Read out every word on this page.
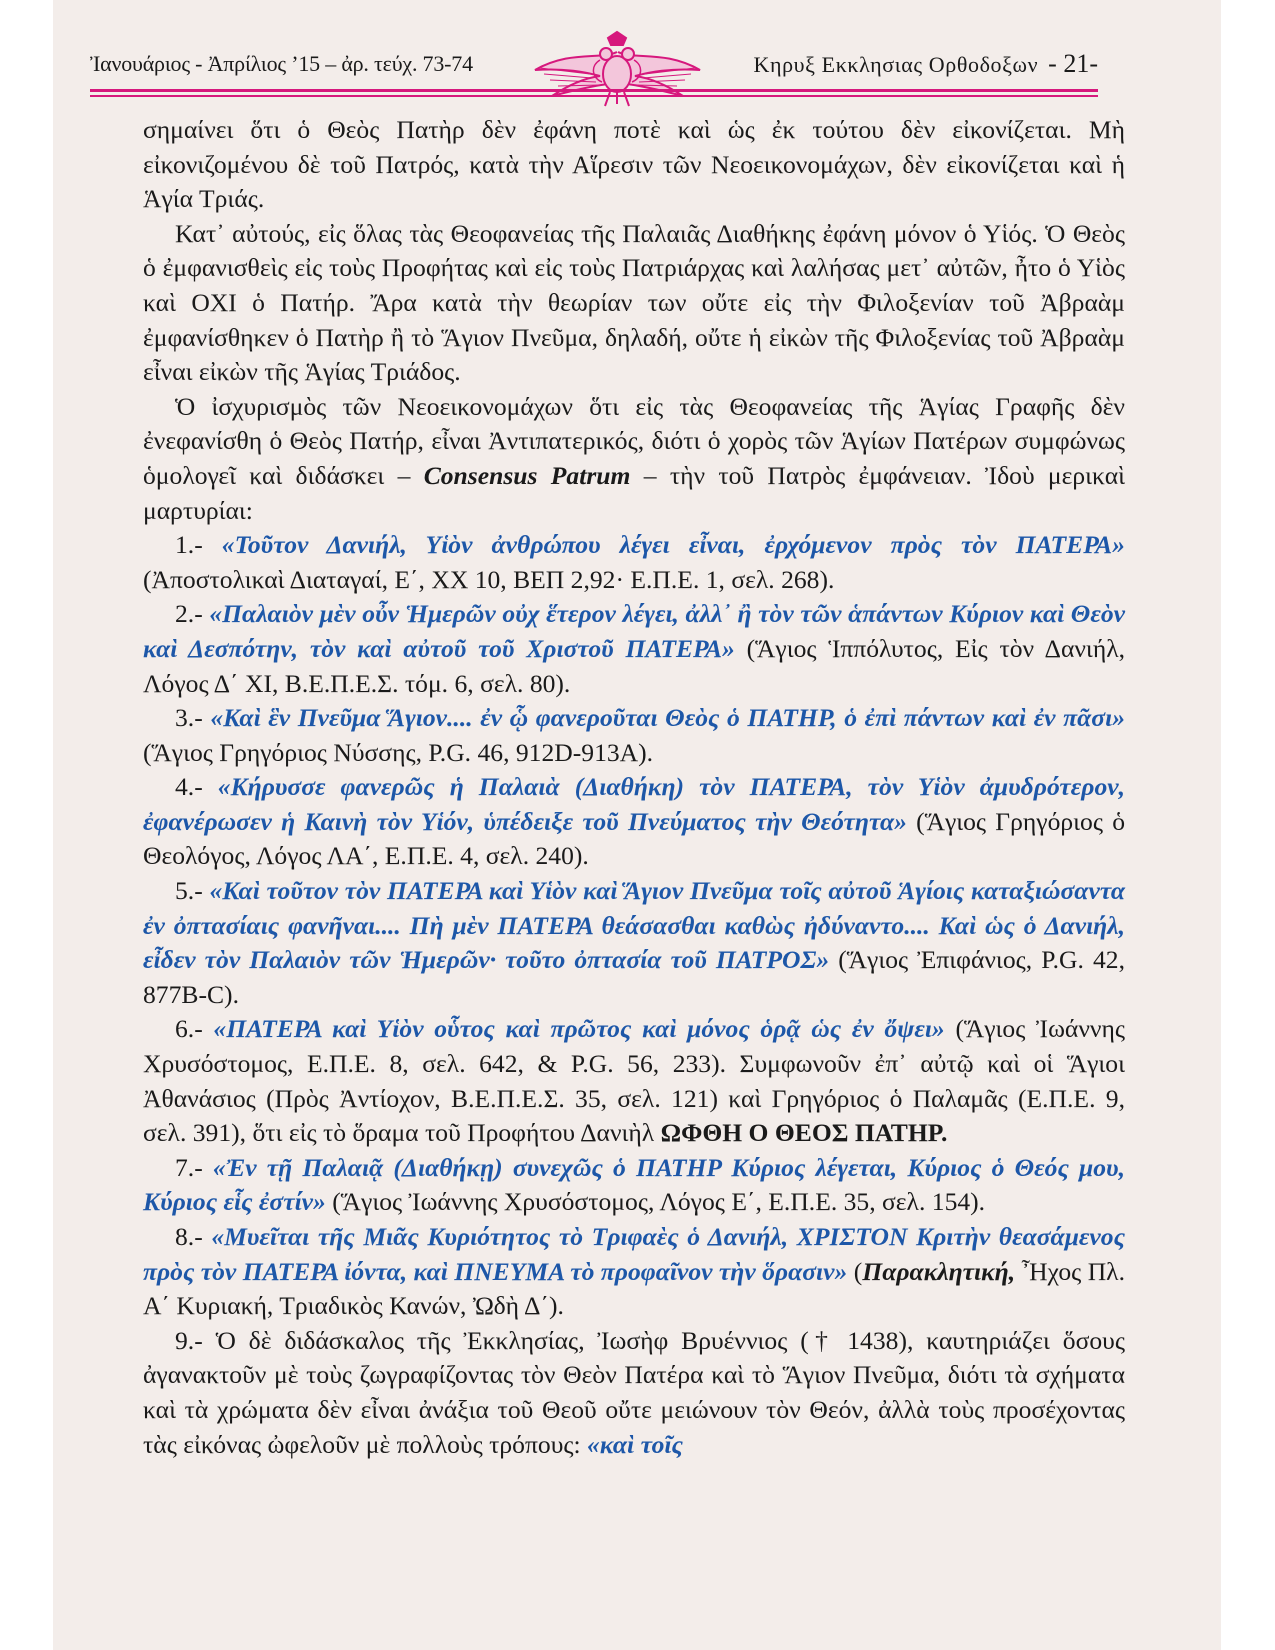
Ἰανουάριος - Ἀπρίλιος ’15 – ἀρ. τεύχ. 73-74	Κηρυξ Εκκλησιας Ορθοδοξων - 21-

σημαίνει ὅτι ὁ Θεὸς Πατὴρ δὲν ἐφάνη ποτὲ καὶ ὡς ἐκ τούτου δὲν εἰκονίζεται. Μὴ εἰκονιζομένου δὲ τοῦ Πατρός, κατὰ τὴν Αἵρεσιν τῶν Νεοεικονομάχων, δὲν εἰκονίζεται καὶ ἡ Ἁγία Τριάς.

Κατ᾽ αὐτούς, εἰς ὅλας τὰς Θεοφανείας τῆς Παλαιᾶς Διαθήκης ἐφάνη μόνον ὁ Υἱός. Ὁ Θεὸς ὁ ἐμφανισθεὶς εἰς τοὺς Προφήτας καὶ εἰς τοὺς Πατριάρχας καὶ λαλήσας μετ᾽ αὐτῶν, ἦτο ὁ Υἱὸς καὶ ΟΧΙ ὁ Πατήρ. Ἄρα κατὰ τὴν θεωρίαν των οὔτε εἰς τὴν Φιλοξενίαν τοῦ Ἀβραὰμ ἐμφανίσθηκεν ὁ Πατὴρ ἢ τὸ Ἅγιον Πνεῦμα, δηλαδή, οὔτε ἡ εἰκὼν τῆς Φιλοξενίας τοῦ Ἀβραὰμ εἶναι εἰκὼν τῆς Ἁγίας Τριάδος.

Ὁ ἰσχυρισμὸς τῶν Νεοεικονομάχων ὅτι εἰς τὰς Θεοφανείας τῆς Ἁγίας Γραφῆς δὲν ἐνεφανίσθη ὁ Θεὸς Πατήρ, εἶναι Ἀντιπατερικός, διότι ὁ χορὸς τῶν Ἁγίων Πατέρων συμφώνως ὁμολογεῖ καὶ διδάσκει – Consensus Patrum – τὴν τοῦ Πατρὸς ἐμφάνειαν. Ἰδοὺ μερικαὶ μαρτυρίαι:

1.- «Τοῦτον Δανιήλ, Υἱὸν ἀνθρώπου λέγει εἶναι, ἐρχόμενον πρὸς τὸν ΠΑΤΕΡΑ» (Ἀποστολικαὶ Διαταγαί, Ε΄, ΧΧ 10, ΒΕΠ 2,92· Ε.Π.Ε. 1, σελ. 268).

2.- «Παλαιὸν μὲν οὖν Ἡμερῶν οὐχ ἕτερον λέγει, ἀλλ᾽ ἢ τὸν τῶν ἁπάντων Κύριον καὶ Θεὸν καὶ Δεσπότην, τὸν καὶ αὐτοῦ τοῦ Χριστοῦ ΠΑΤΕΡΑ» (Ἅγιος Ἱππόλυτος, Εἰς τὸν Δανιήλ, Λόγος Δ΄ XI, Β.Ε.Π.Ε.Σ. τόμ. 6, σελ. 80).

3.- «Καὶ ἓν Πνεῦμα Ἅγιον.... ἐν ᾧ φανεροῦται Θεὸς ὁ ΠΑΤΗΡ, ὁ ἐπὶ πάντων καὶ ἐν πᾶσι» (Ἅγιος Γρηγόριος Νύσσης, P.G. 46, 912D-913Α).

4.- «Κήρυσσε φανερῶς ἡ Παλαιὰ (Διαθήκη) τὸν ΠΑΤΕΡΑ, τὸν Υἱὸν ἀμυδρότερον, ἐφανέρωσεν ἡ Καινὴ τὸν Υἱόν, ὑπέδειξε τοῦ Πνεύματος τὴν Θεότητα» (Ἅγιος Γρηγόριος ὁ Θεολόγος, Λόγος ΛΑ΄, Ε.Π.Ε. 4, σελ. 240).

5.- «Καὶ τοῦτον τὸν ΠΑΤΕΡΑ καὶ Υἱὸν καὶ Ἅγιον Πνεῦμα τοῖς αὐτοῦ Ἁγίοις καταξιώσαντα ἐν ὀπτασίαις φανῆναι.... Πὴ μὲν ΠΑΤΕΡΑ θεάσασθαι καθὼς ἠδύναντο.... Καὶ ὡς ὁ Δανιήλ, εἶδεν τὸν Παλαιὸν τῶν Ἡμερῶν· τοῦτο ὀπτασία τοῦ ΠΑΤΡΟΣ» (Ἅγιος Ἐπιφάνιος, P.G. 42, 877B-C).

6.- «ΠΑΤΕΡΑ καὶ Υἱὸν οὗτος καὶ πρῶτος καὶ μόνος ὁρᾷ ὡς ἐν ὄψει» (Ἅγιος Ἰωάννης Χρυσόστομος, Ε.Π.Ε. 8, σελ. 642, & P.G. 56, 233). Συμφωνοῦν ἐπ᾽ αὐτῷ καὶ οἱ Ἅγιοι Ἀθανάσιος (Πρὸς Ἀντίοχον, Β.Ε.Π.Ε.Σ. 35, σελ. 121) καὶ Γρηγόριος ὁ Παλαμᾶς (Ε.Π.Ε. 9, σελ. 391), ὅτι εἰς τὸ ὅραμα τοῦ Προφήτου Δανιὴλ ΩΦΘΗ Ο ΘΕΟΣ ΠΑΤΗΡ.

7.- «Ἐν τῇ Παλαιᾷ (Διαθήκῃ) συνεχῶς ὁ ΠΑΤΗΡ Κύριος λέγεται, Κύριος ὁ Θεός μου, Κύριος εἷς ἐστίν» (Ἅγιος Ἰωάννης Χρυσόστομος, Λόγος Ε΄, Ε.Π.Ε. 35, σελ. 154).

8.- «Μυεῖται τῆς Μιᾶς Κυριότητος τὸ Τριφαὲς ὁ Δανιήλ, ΧΡΙΣΤΟΝ Κριτὴν θεασάμενος πρὸς τὸν ΠΑΤΕΡΑ ἰόντα, καὶ ΠΝΕΥΜΑ τὸ προφαῖνον τὴν ὅρασιν» (Παρακλητική, Ἦχος Πλ. Α΄ Κυριακή, Τριαδικὸς Κανών, Ὠδὴ Δ΄).

9.- Ὁ δὲ διδάσκαλος τῆς Ἐκκλησίας, Ἰωσὴφ Βρυέννιος († 1438), καυτηριάζει ὅσους ἀγανακτοῦν μὲ τοὺς ζωγραφίζοντας τὸν Θεὸν Πατέρα καὶ τὸ Ἅγιον Πνεῦμα, διότι τὰ σχήματα καὶ τὰ χρώματα δὲν εἶναι ἀνάξια τοῦ Θεοῦ οὔτε μειώνουν τὸν Θεόν, ἀλλὰ τοὺς προσέχοντας τὰς εἰκόνας ὠφελοῦν μὲ πολλοὺς τρόπους: «καὶ τοῖς
